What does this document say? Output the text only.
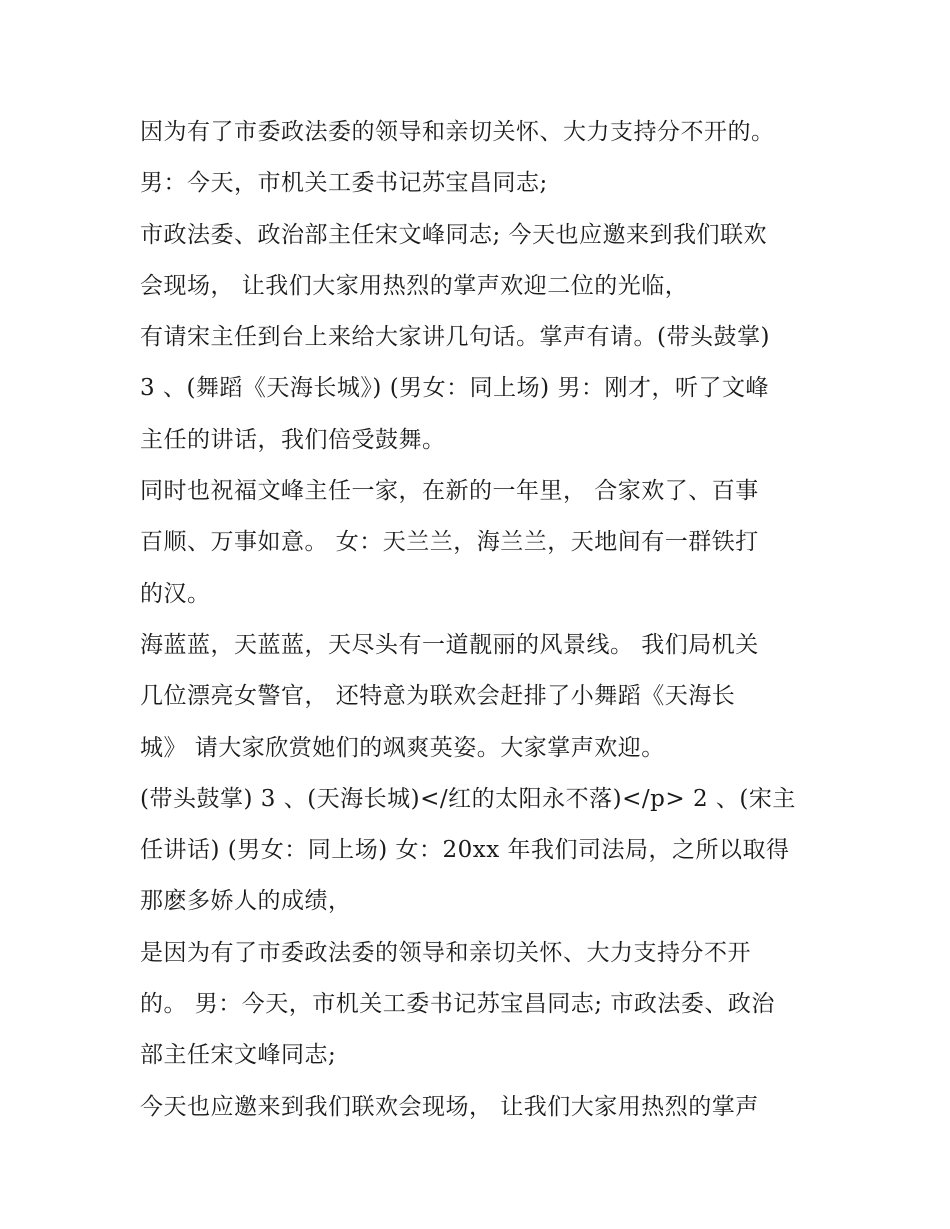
因为有了市委政法委的领导和亲切关怀、大力支持分不开的。
男：今天，市机关工委书记苏宝昌同志;
市政法委、政治部主任宋文峰同志; 今天也应邀来到我们联欢
会现场， 让我们大家用热烈的掌声欢迎二位的光临，
有请宋主任到台上来给大家讲几句话。掌声有请。(带头鼓掌)
3 、(舞蹈《天海长城》) (男女：同上场) 男：刚才，听了文峰
主任的讲话，我们倍受鼓舞。
同时也祝福文峰主任一家，在新的一年里， 合家欢了、百事
百顺、万事如意。 女：天兰兰，海兰兰，天地间有一群铁打
的汉。
海蓝蓝，天蓝蓝，天尽头有一道靓丽的风景线。 我们局机关
几位漂亮女警官， 还特意为联欢会赶排了小舞蹈《天海长
城》 请大家欣赏她们的飒爽英姿。大家掌声欢迎。
(带头鼓掌) 3 、(天海长城)</红的太阳永不落)</p> 2 、(宋主
任讲话) (男女：同上场) 女：20xx 年我们司法局，之所以取得
那麽多娇人的成绩，
是因为有了市委政法委的领导和亲切关怀、大力支持分不开
的。 男：今天，市机关工委书记苏宝昌同志; 市政法委、政治
部主任宋文峰同志;
今天也应邀来到我们联欢会现场， 让我们大家用热烈的掌声
